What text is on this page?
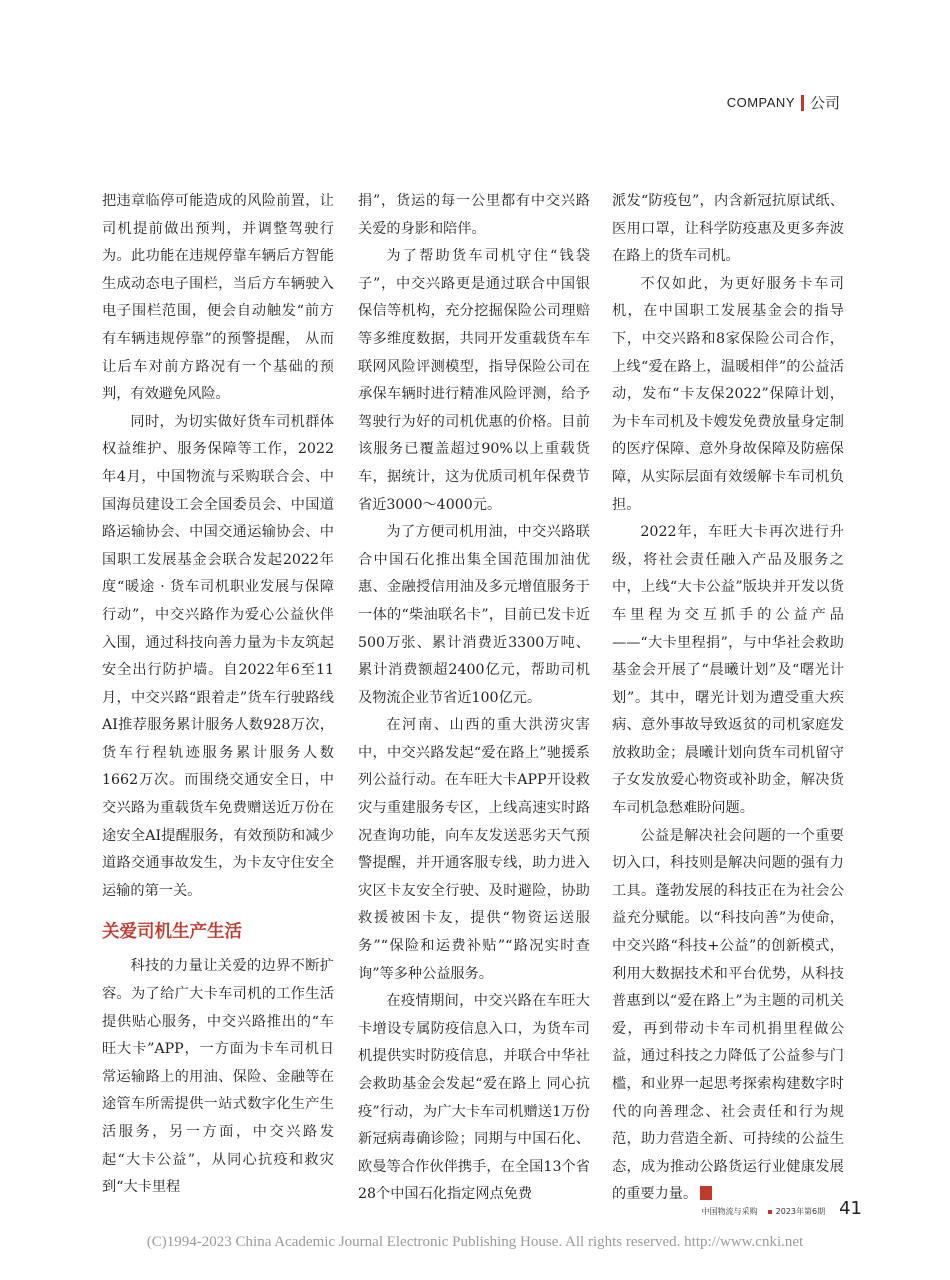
COMPANY 公司

把违章临停可能造成的风险前置，让司机提前做出预判，并调整驾驶行为。此功能在违规停靠车辆后方智能生成动态电子围栏，当后方车辆驶入电子围栏范围，便会自动触发“前方有车辆违规停靠”的预警提醒， 从而让后车对前方路况有一个基础的预判，有效避免风险。

同时，为切实做好货车司机群体权益维护、服务保障等工作，2022年4月，中国物流与采购联合会、中国海员建设工会全国委员会、中国道路运输协会、中国交通运输协会、中国职工发展基金会联合发起2022年度“暖途 · 货车司机职业发展与保障行动”，中交兴路作为爱心公益伙伴入围，通过科技向善力量为卡友筑起安全出行防护墙。自2022年6至11月，中交兴路“跟着走”货车行驶路线AI推荐服务累计服务人数928万次，货车行程轨迹服务累计服务人数1662万次。而围绕交通安全日，中交兴路为重载货车免费赠送近万份在途安全AI提醒服务，有效预防和减少道路交通事故发生，为卡友守住安全运输的第一关。

关爱司机生产生活

科技的力量让关爱的边界不断扩容。为了给广大卡车司机的工作生活提供贴心服务，中交兴路推出的“车旺大卡”APP，一方面为卡车司机日常运输路上的用油、保险、金融等在途管车所需提供一站式数字化生产生活服务，另一方面，中交兴路发起“大卡公益”，从同心抗疫和救灾到“大卡里程

捐”，货运的每一公里都有中交兴路关爱的身影和陪伴。

为了帮助货车司机守住“钱袋子”，中交兴路更是通过联合中国银保信等机构，充分挖掘保险公司理赔等多维度数据，共同开发重载货车车联网风险评测模型，指导保险公司在承保车辆时进行精准风险评测，给予驾驶行为好的司机优惠的价格。目前该服务已覆盖超过90%以上重载货车，据统计，这为优质司机年保费节省近3000～4000元。

为了方便司机用油，中交兴路联合中国石化推出集全国范围加油优惠、金融授信用油及多元增值服务于一体的“柴油联名卡”，目前已发卡近500万张、累计消费近3300万吨、累计消费额超2400亿元，帮助司机及物流企业节省近100亿元。

在河南、山西的重大洪涝灾害中，中交兴路发起“爱在路上”驰援系列公益行动。在车旺大卡APP开设救灾与重建服务专区，上线高速实时路况查询功能，向车友发送恶劣天气预警提醒，并开通客服专线，助力进入灾区卡友安全行驶、及时避险，协助救援被困卡友，提供“物资运送服务”“保险和运费补贴”“路况实时查询”等多种公益服务。

在疫情期间，中交兴路在车旺大卡增设专属防疫信息入口，为货车司机提供实时防疫信息，并联合中华社会救助基金会发起“爱在路上 同心抗疫”行动，为广大卡车司机赠送1万份新冠病毒确诊险；同期与中国石化、欧曼等合作伙伴携手，在全国13个省28个中国石化指定网点免费

派发“防疫包”，内含新冠抗原试纸、医用口罩，让科学防疫惠及更多奔波在路上的货车司机。

不仅如此，为更好服务卡车司机，在中国职工发展基金会的指导下，中交兴路和8家保险公司合作，上线“爱在路上，温暖相伴”的公益活动，发布“卡友保2022”保障计划，为卡车司机及卡嫂发免费放量身定制的医疗保障、意外身故保障及防癌保障，从实际层面有效缓解卡车司机负担。

2022年，车旺大卡再次进行升级，将社会责任融入产品及服务之中，上线“大卡公益”版块并开发以货车里程为交互抓手的公益产品——“大卡里程捐”，与中华社会救助基金会开展了“晨曦计划”及“曙光计划”。其中，曙光计划为遭受重大疾病、意外事故导致返贫的司机家庭发放救助金；晨曦计划向货车司机留守子女发放爱心物资或补助金，解决货车司机急愁难盼问题。

公益是解决社会问题的一个重要切入口，科技则是解决问题的强有力工具。蓬勃发展的科技正在为社会公益充分赋能。以“科技向善”为使命，中交兴路“科技+公益”的创新模式，利用大数据技术和平台优势，从科技普惠到以“爱在路上”为主题的司机关爱，再到带动卡车司机捐里程做公益，通过科技之力降低了公益参与门槛，和业界一起思考探索构建数字时代的向善理念、社会责任和行为规范，助力营造全新、可持续的公益生态，成为推动公路货运行业健康发展的重要力量。

中国物流与采购 2023年第6期 41
(C)1994-2023 China Academic Journal Electronic Publishing House. All rights reserved. http://www.cnki.net
